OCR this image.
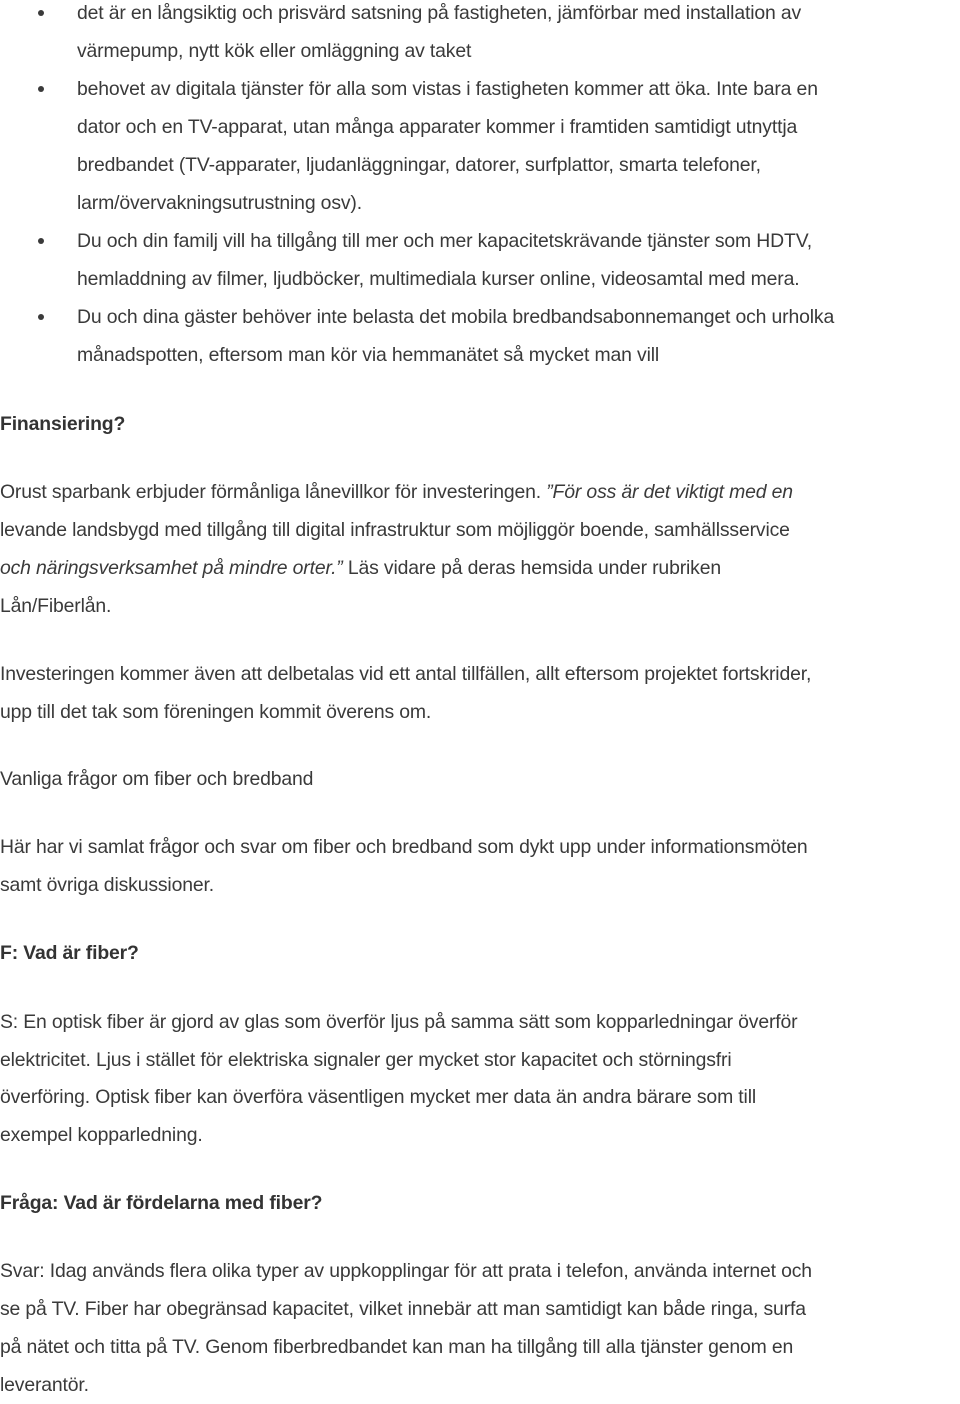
det är en långsiktig och prisvärd satsning på fastigheten, jämförbar med installation av
värmepump, nytt kök eller omläggning av taket
behovet av digitala tjänster för alla som vistas i fastigheten kommer att öka. Inte bara en
dator och en TV-apparat, utan många apparater kommer i framtiden samtidigt utnyttja
bredbandet (TV-apparater, ljudanläggningar, datorer, surfplattor, smarta telefoner,
larm/övervakningsutrustning osv).
Du och din familj vill ha tillgång till mer och mer kapacitetskrävande tjänster som HDTV,
hemladdning av filmer, ljudböcker, multimediala kurser online, videosamtal med mera.
Du och dina gäster behöver inte belasta det mobila bredbandsabonnemanget och urholka
månadspotten, eftersom man kör via hemmanätet så mycket man vill
Finansiering?
Orust sparbank erbjuder förmånliga lånevillkor för investeringen. ”För oss är det viktigt med en
levande landsbygd med tillgång till digital infrastruktur som möjliggör boende, samhällsservice
och näringsverksamhet på mindre orter.” Läs vidare på deras hemsida under rubriken
Lån/Fiberlån.
Investeringen kommer även att delbetalas vid ett antal tillfällen, allt eftersom projektet fortskrider,
upp till det tak som föreningen kommit överens om.
Vanliga frågor om fiber och bredband
Här har vi samlat frågor och svar om fiber och bredband som dykt upp under informationsmöten
samt övriga diskussioner.
F: Vad är fiber?
S: En optisk fiber är gjord av glas som överför ljus på samma sätt som kopparledningar överför
elektricitet. Ljus i stället för elektriska signaler ger mycket stor kapacitet och störningsfri
överföring. Optisk fiber kan överföra väsentligen mycket mer data än andra bärare som till
exempel kopparledning.
Fråga: Vad är fördelarna med fiber?
Svar: Idag används flera olika typer av uppkopplingar för att prata i telefon, använda internet och
se på TV. Fiber har obegränsad kapacitet, vilket innebär att man samtidigt kan både ringa, surfa
på nätet och titta på TV. Genom fiberbredbandet kan man ha tillgång till alla tjänster genom en
leverantör.
